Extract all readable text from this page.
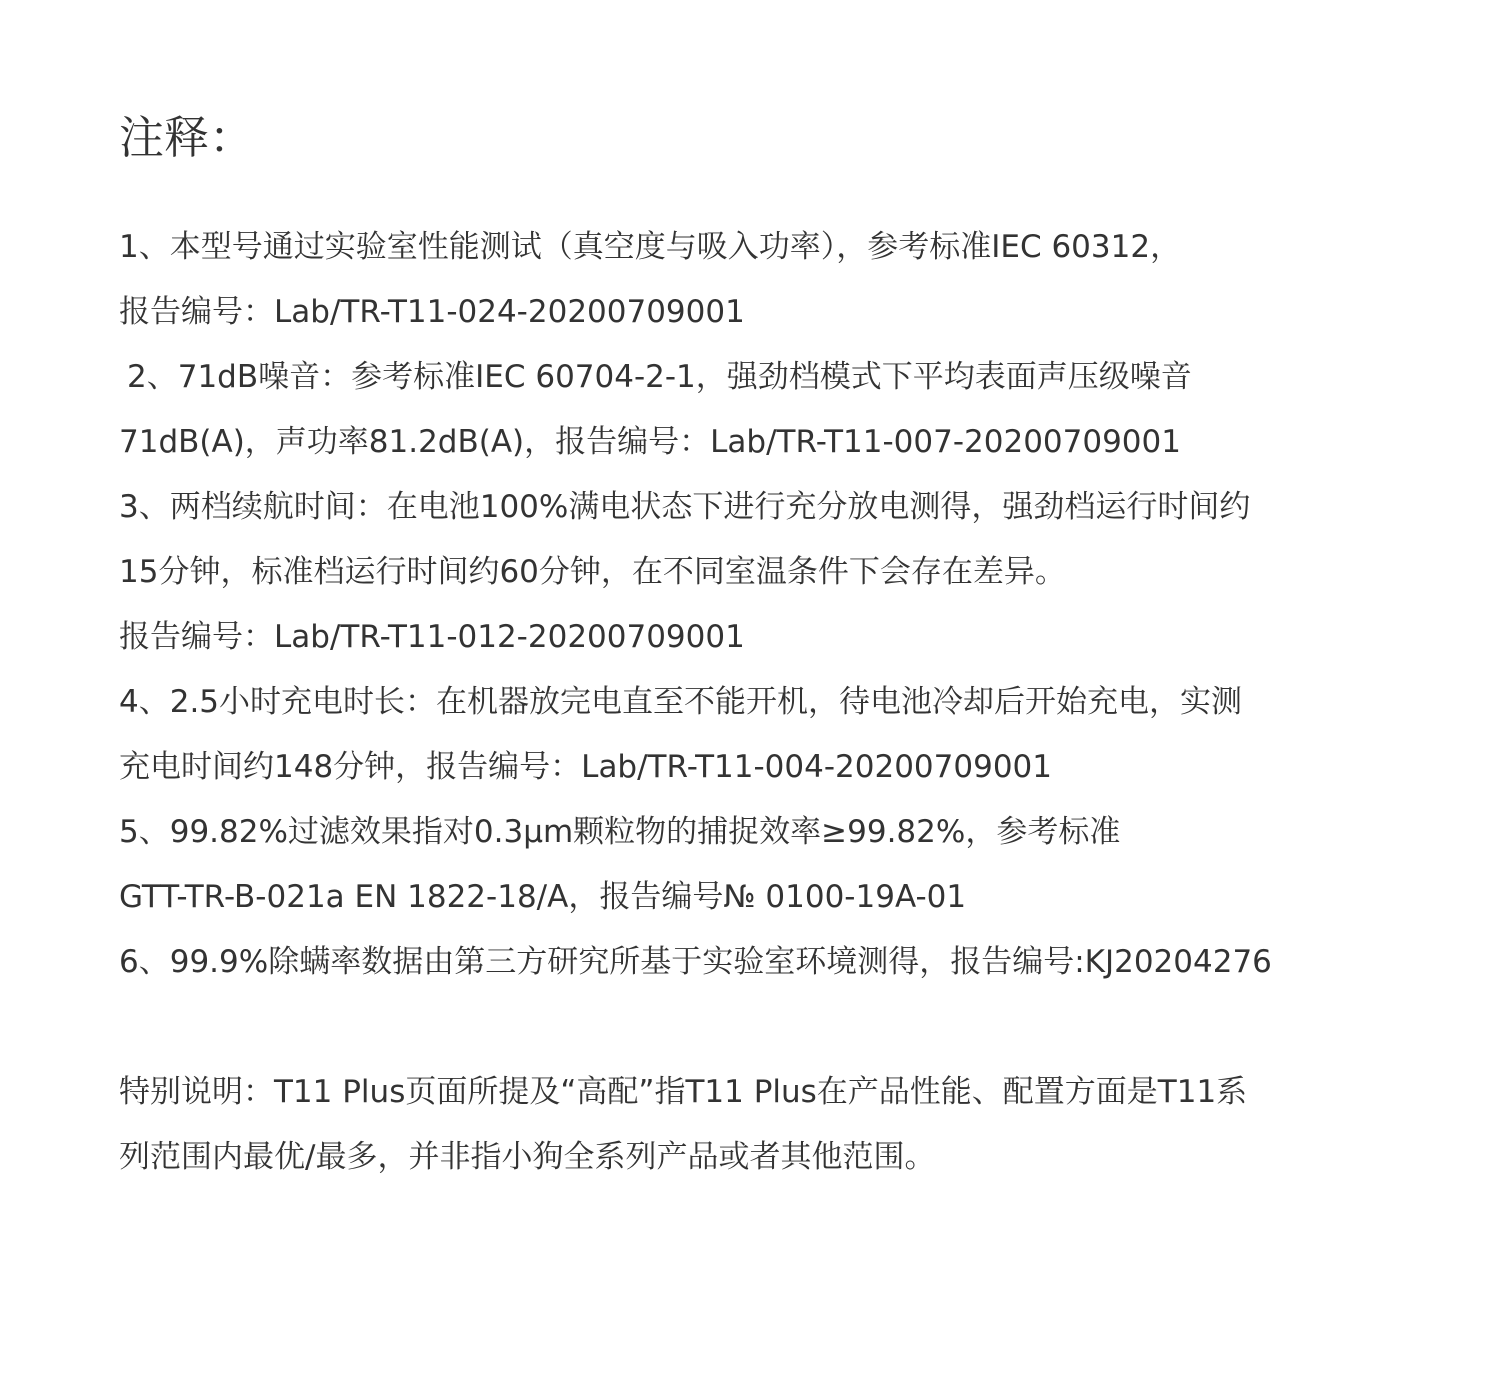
注释：
1、本型号通过实验室性能测试（真空度与吸入功率），参考标准IEC 60312，
报告编号：Lab/TR-T11-024-20200709001
2、71dB噪音：参考标准IEC 60704-2-1，强劲档模式下平均表面声压级噪音
71dB(A)，声功率81.2dB(A)，报告编号：Lab/TR-T11-007-20200709001
3、两档续航时间：在电池100%满电状态下进行充分放电测得，强劲档运行时间约
15分钟，标准档运行时间约60分钟，在不同室温条件下会存在差异。
报告编号：Lab/TR-T11-012-20200709001
4、2.5小时充电时长：在机器放完电直至不能开机，待电池冷却后开始充电，实测
充电时间约148分钟，报告编号：Lab/TR-T11-004-20200709001
5、99.82%过滤效果指对0.3μm颗粒物的捕捉效率≥99.82%，参考标准
GTT-TR-B-021a EN 1822-18/A，报告编号№ 0100-19A-01
6、99.9%除螨率数据由第三方研究所基于实验室环境测得，报告编号:KJ20204276
特别说明：T11 Plus页面所提及“高配”指T11 Plus在产品性能、配置方面是T11系
列范围内最优/最多，并非指小狗全系列产品或者其他范围。
